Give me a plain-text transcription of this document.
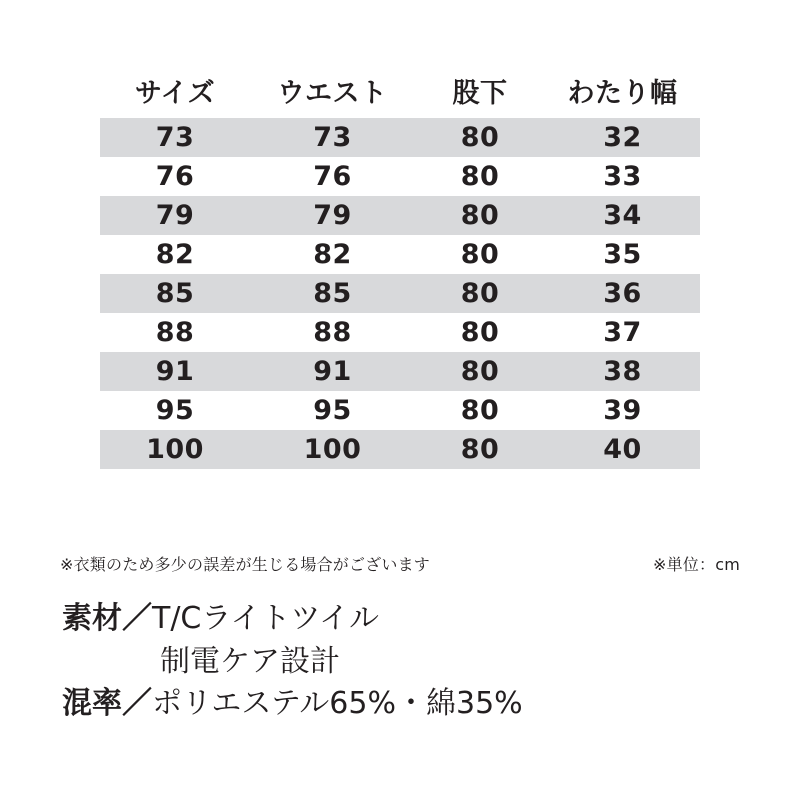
サイズ	ウエスト	股下	わたり幅
73	73	80	32
76	76	80	33
79	79	80	34
82	82	80	35
85	85	80	36
88	88	80	37
91	91	80	38
95	95	80	39
100	100	80	40
※衣類のため多少の誤差が生じる場合がございます	※単位：cm
素材／T/Cライトツイル
制電ケア設計
混率／ポリエステル65%・綿35%
